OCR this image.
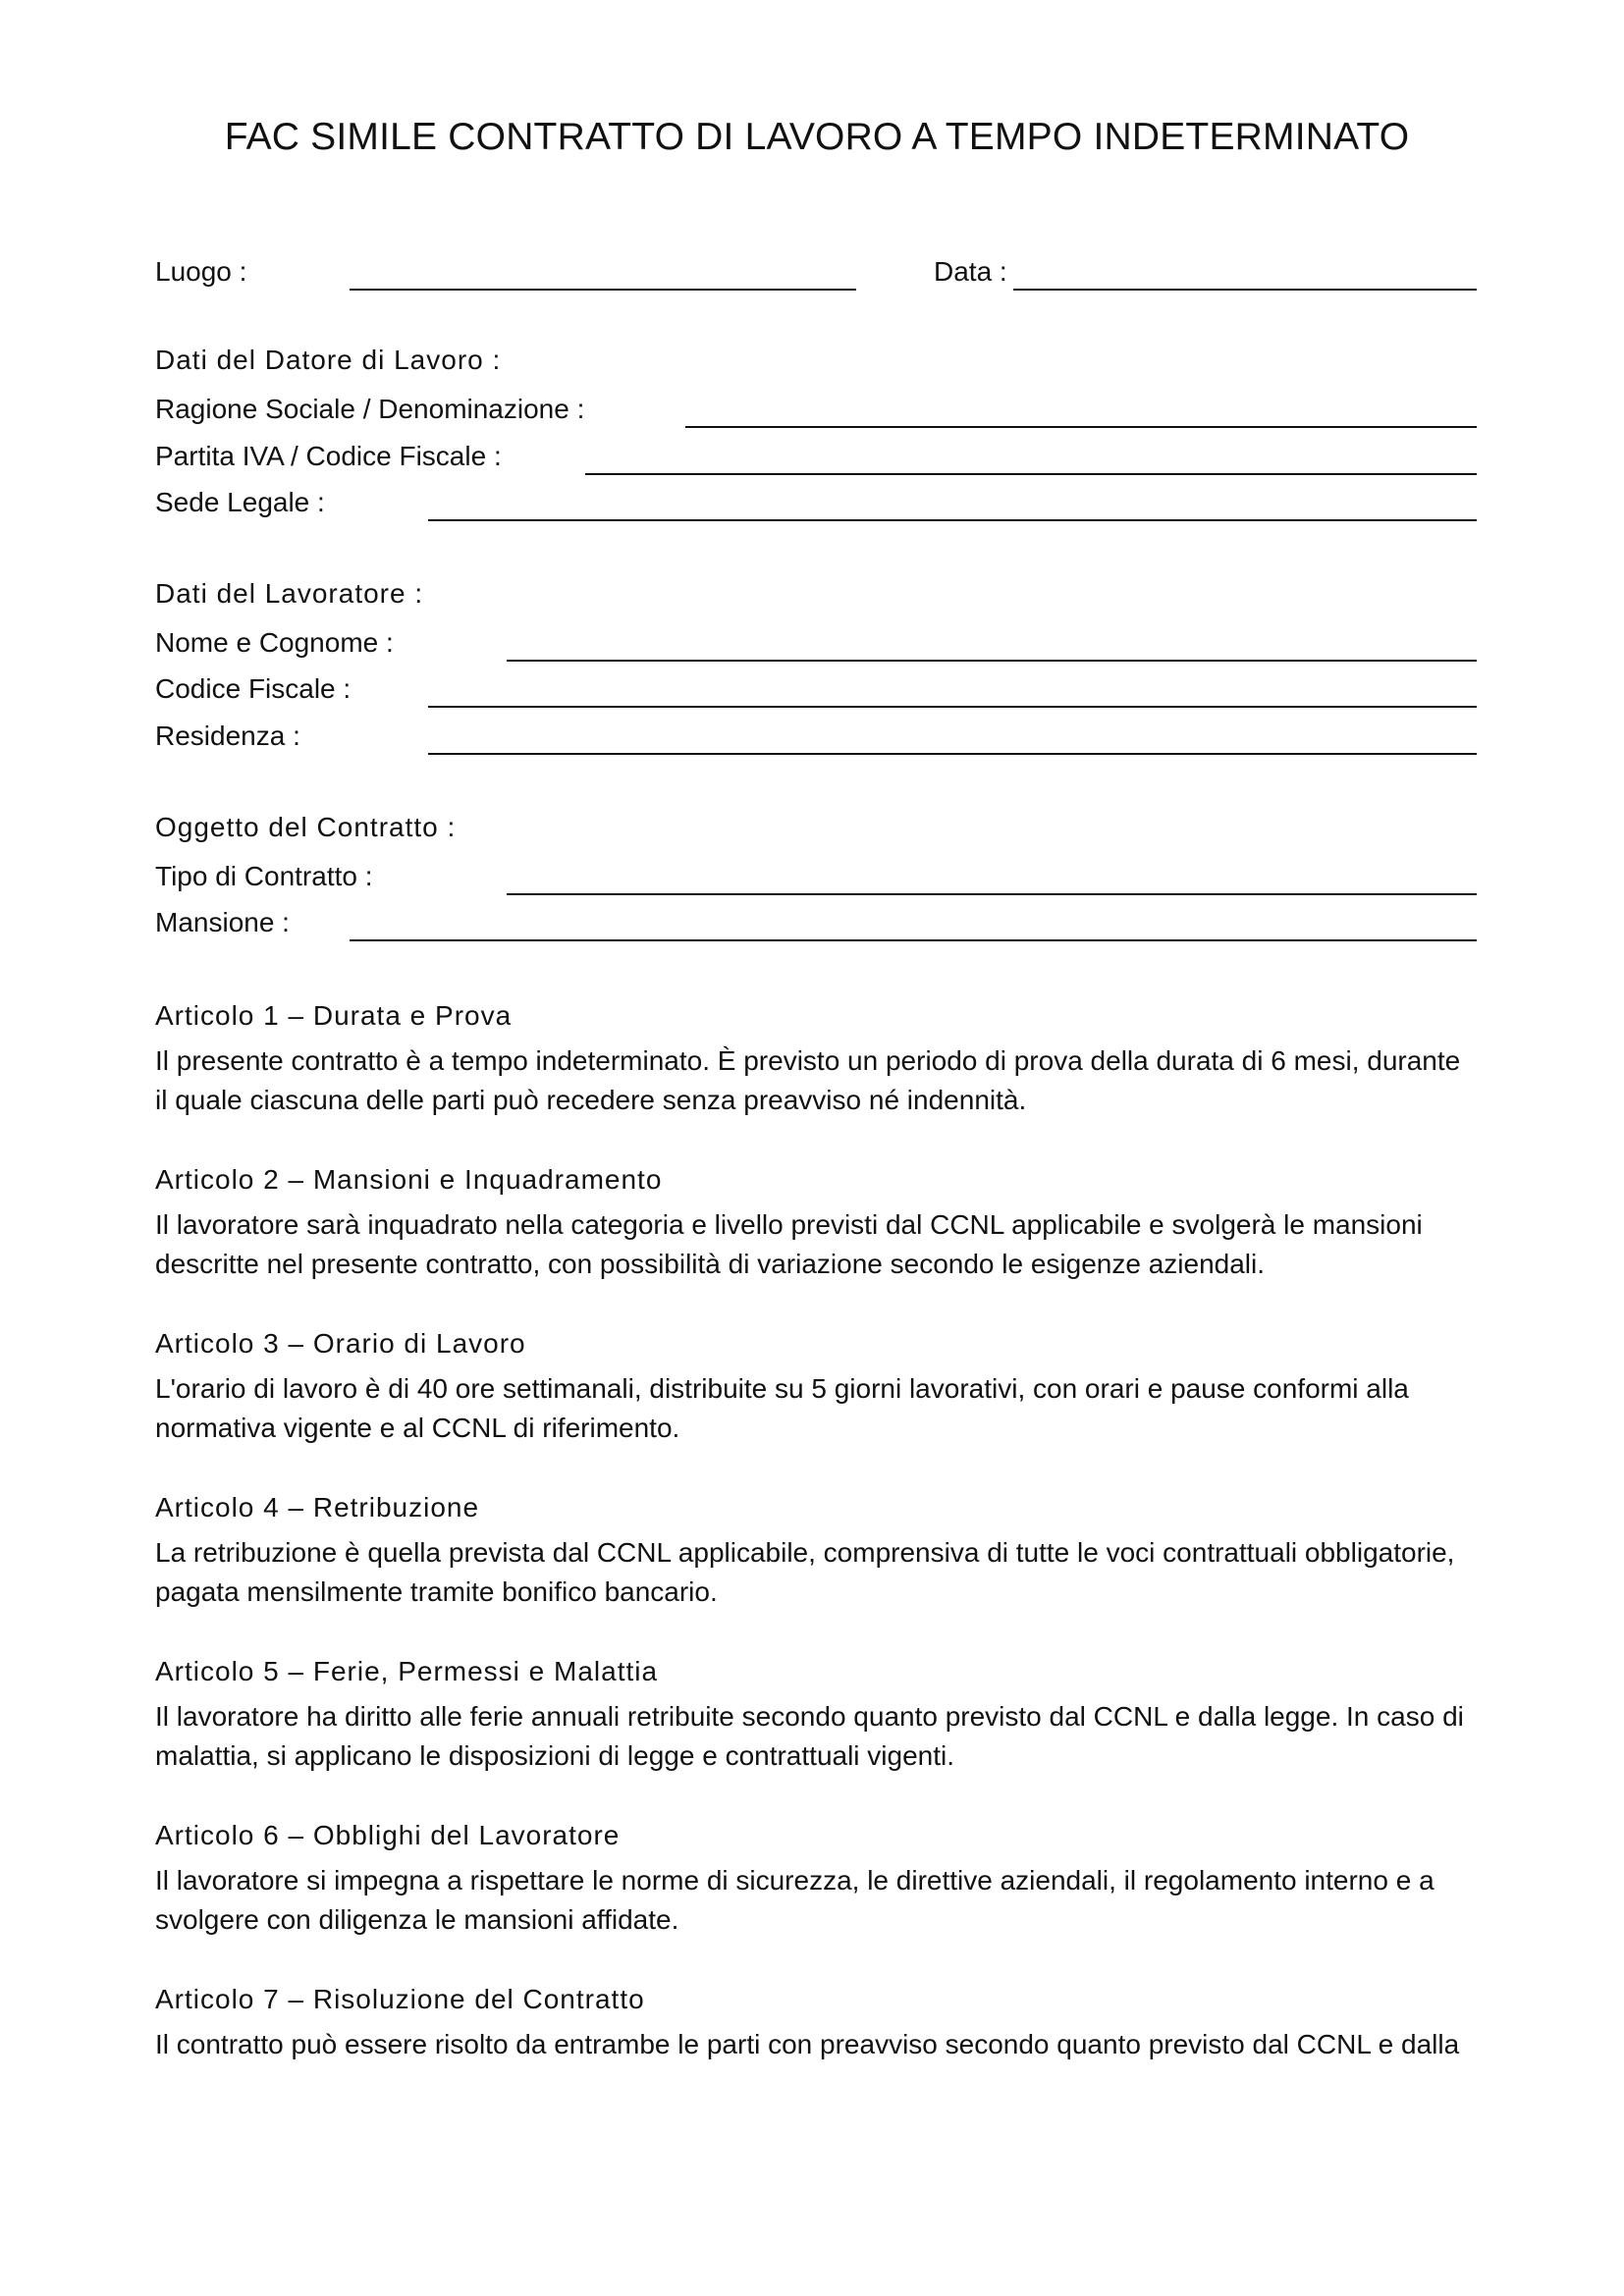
FAC SIMILE CONTRATTO DI LAVORO A TEMPO INDETERMINATO
Luogo :	Data :
Dati del Datore di Lavoro :
Ragione Sociale / Denominazione :
Partita IVA / Codice Fiscale :
Sede Legale :
Dati del Lavoratore :
Nome e Cognome :
Codice Fiscale :
Residenza :
Oggetto del Contratto :
Tipo di Contratto :
Mansione :
Articolo 1 – Durata e Prova
Il presente contratto è a tempo indeterminato. È previsto un periodo di prova della durata di 6 mesi, durante
il quale ciascuna delle parti può recedere senza preavviso né indennità.
Articolo 2 – Mansioni e Inquadramento
Il lavoratore sarà inquadrato nella categoria e livello previsti dal CCNL applicabile e svolgerà le mansioni
descritte nel presente contratto, con possibilità di variazione secondo le esigenze aziendali.
Articolo 3 – Orario di Lavoro
L'orario di lavoro è di 40 ore settimanali, distribuite su 5 giorni lavorativi, con orari e pause conformi alla
normativa vigente e al CCNL di riferimento.
Articolo 4 – Retribuzione
La retribuzione è quella prevista dal CCNL applicabile, comprensiva di tutte le voci contrattuali obbligatorie,
pagata mensilmente tramite bonifico bancario.
Articolo 5 – Ferie, Permessi e Malattia
Il lavoratore ha diritto alle ferie annuali retribuite secondo quanto previsto dal CCNL e dalla legge. In caso di
malattia, si applicano le disposizioni di legge e contrattuali vigenti.
Articolo 6 – Obblighi del Lavoratore
Il lavoratore si impegna a rispettare le norme di sicurezza, le direttive aziendali, il regolamento interno e a
svolgere con diligenza le mansioni affidate.
Articolo 7 – Risoluzione del Contratto
Il contratto può essere risolto da entrambe le parti con preavviso secondo quanto previsto dal CCNL e dalla
